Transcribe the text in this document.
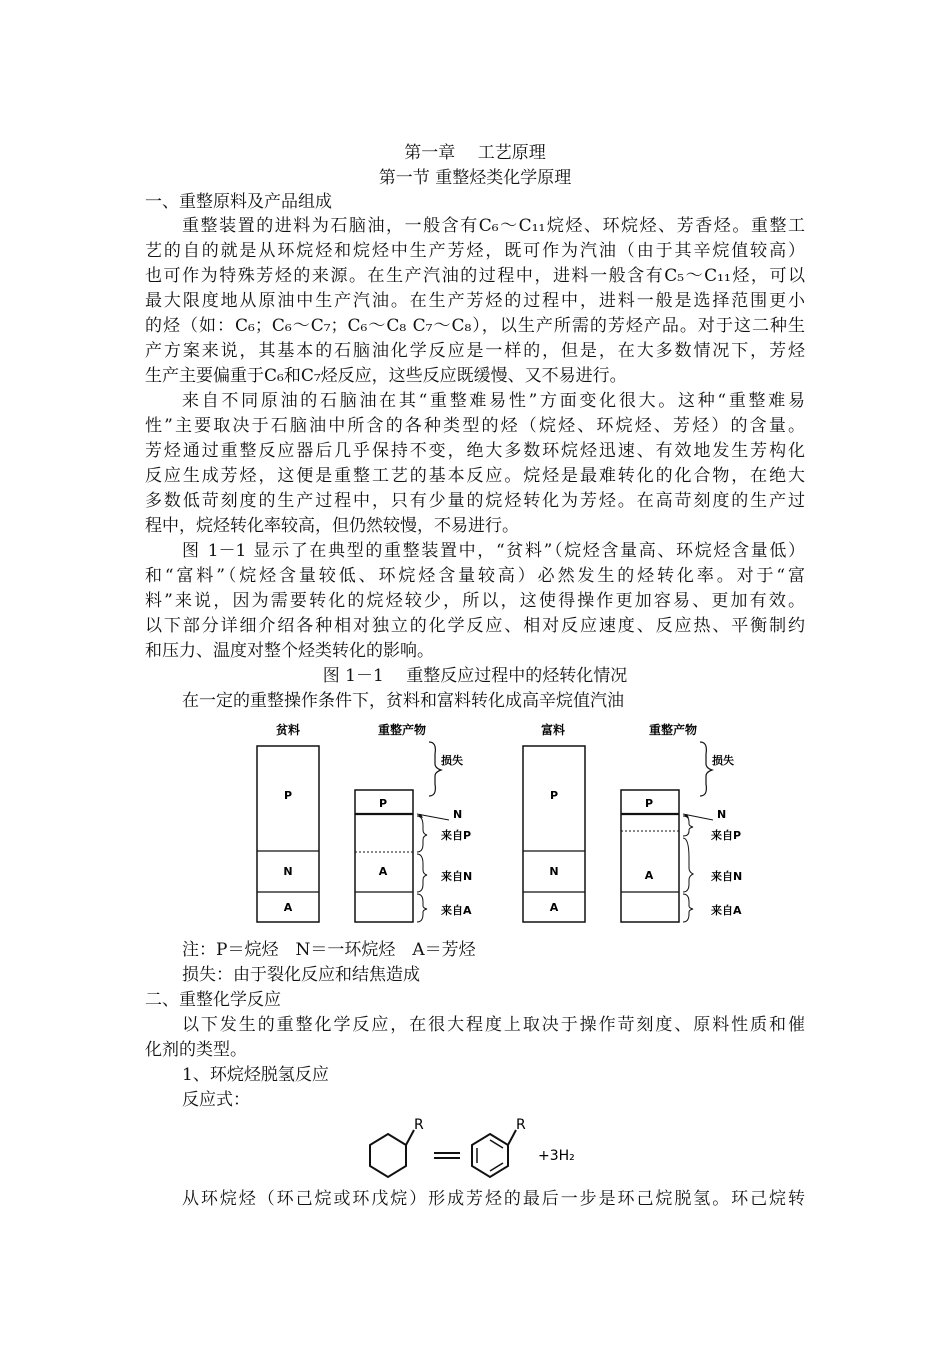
第一章　 工艺原理
第一节 重整烃类化学原理
一、重整原料及产品组成
重整装置的进料为石脑油，一般含有C₆～C₁₁烷烃、环烷烃、芳香烃。重整工
艺的自的就是从环烷烃和烷烃中生产芳烃，既可作为汽油（由于其辛烷值较高）
也可作为特殊芳烃的来源。在生产汽油的过程中，进料一般含有C₅～C₁₁烃，可以
最大限度地从原油中生产汽油。在生产芳烃的过程中，进料一般是选择范围更小
的烃（如：C₆；C₆～C₇；C₆～C₈ C₇～C₈），以生产所需的芳烃产品。对于这二种生
产方案来说，其基本的石脑油化学反应是一样的，但是，在大多数情况下，芳烃
生产主要偏重于C₆和C₇烃反应，这些反应既缓慢、又不易进行。
来自不同原油的石脑油在其“重整难易性”方面变化很大。这种“重整难易
性”主要取决于石脑油中所含的各种类型的烃（烷烃、环烷烃、芳烃）的含量。
芳烃通过重整反应器后几乎保持不变，绝大多数环烷烃迅速、有效地发生芳构化
反应生成芳烃，这便是重整工艺的基本反应。烷烃是最难转化的化合物，在绝大
多数低苛刻度的生产过程中，只有少量的烷烃转化为芳烃。在高苛刻度的生产过
程中，烷烃转化率较高，但仍然较慢，不易进行。
图 1－1 显示了在典型的重整装置中，“贫料”（烷烃含量高、环烷烃含量低）
和“富料”（烷烃含量较低、环烷烃含量较高）必然发生的烃转化率。对于“富
料”来说，因为需要转化的烷烃较少，所以，这使得操作更加容易、更加有效。
以下部分详细介绍各种相对独立的化学反应、相对反应速度、反应热、平衡制约
和压力、温度对整个烃类转化的影响。
图 1－1　 重整反应过程中的烃转化情况
在一定的重整操作条件下，贫料和富料转化成高辛烷值汽油
贫料
P
N
A
重整产物
损失
P
A
N
来自P
来自N
来自A
富料
P
N
A
重整产物
损失
P
A
N
来自P
来自N
来自A
注：P＝烷烃　N＝一环烷烃　A＝芳烃
损失：由于裂化反应和结焦造成
二、重整化学反应
以下发生的重整化学反应，在很大程度上取决于操作苛刻度、原料性质和催
化剂的类型。
1、环烷烃脱氢反应
反应式：
R	R
+3H₂
从环烷烃（环己烷或环戊烷）形成芳烃的最后一步是环己烷脱氢。环己烷转
